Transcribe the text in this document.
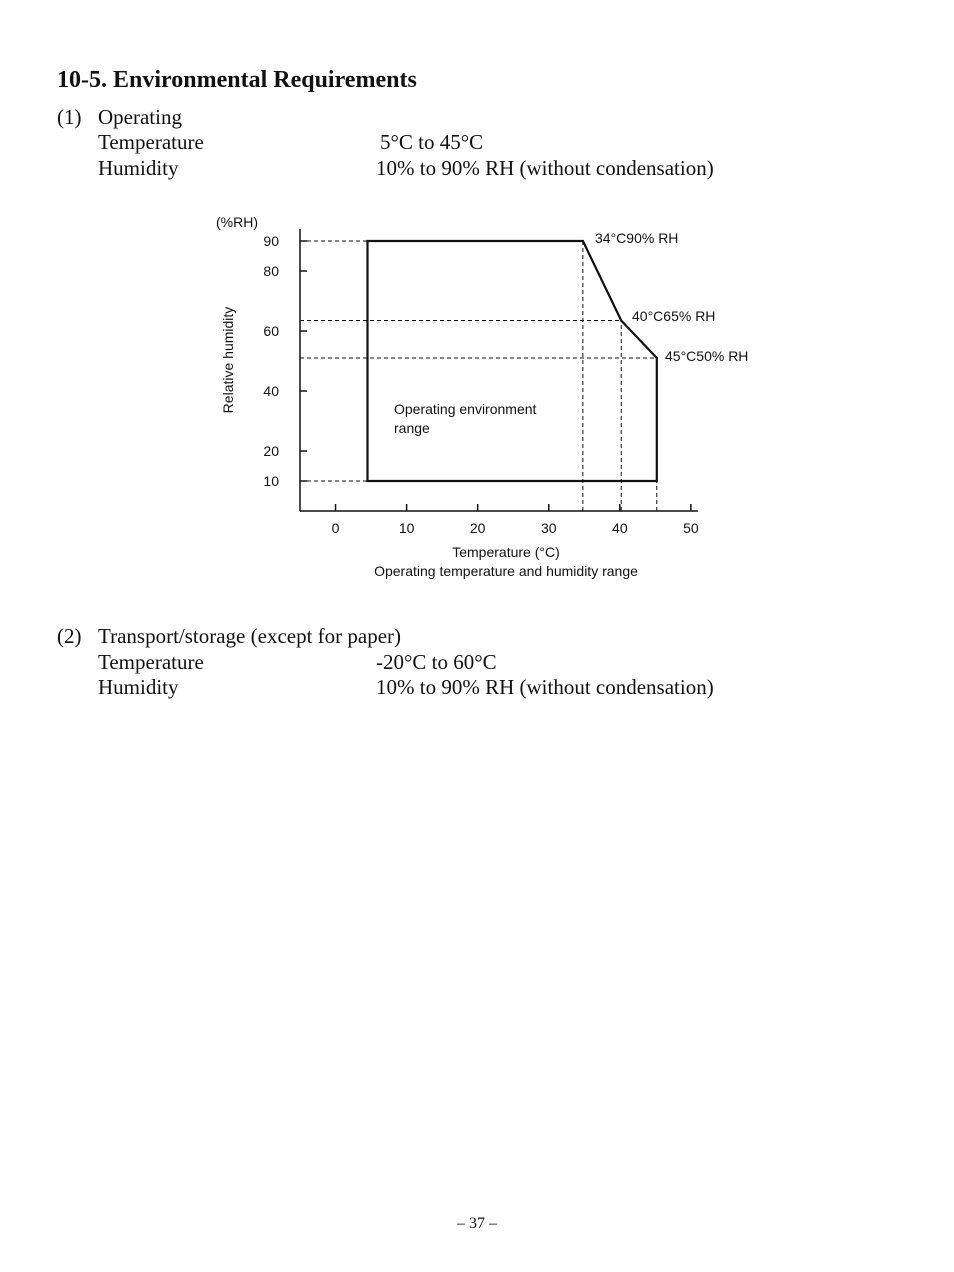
10-5. Environmental Requirements
(1) Operating
Temperature	5°C to 45°C
Humidity	10% to 90% RH (without condensation)
10
20
40
60
80
90
0	10	20	30	40	50
(%RH)
Relative humidity
Temperature (°C)
Operating temperature and humidity range
Operating environment
range
34°C90% RH
40°C65% RH
45°C50% RH
(2) Transport/storage (except for paper)
Temperature	-20°C to 60°C
Humidity	10% to 90% RH (without condensation)
– 37 –
